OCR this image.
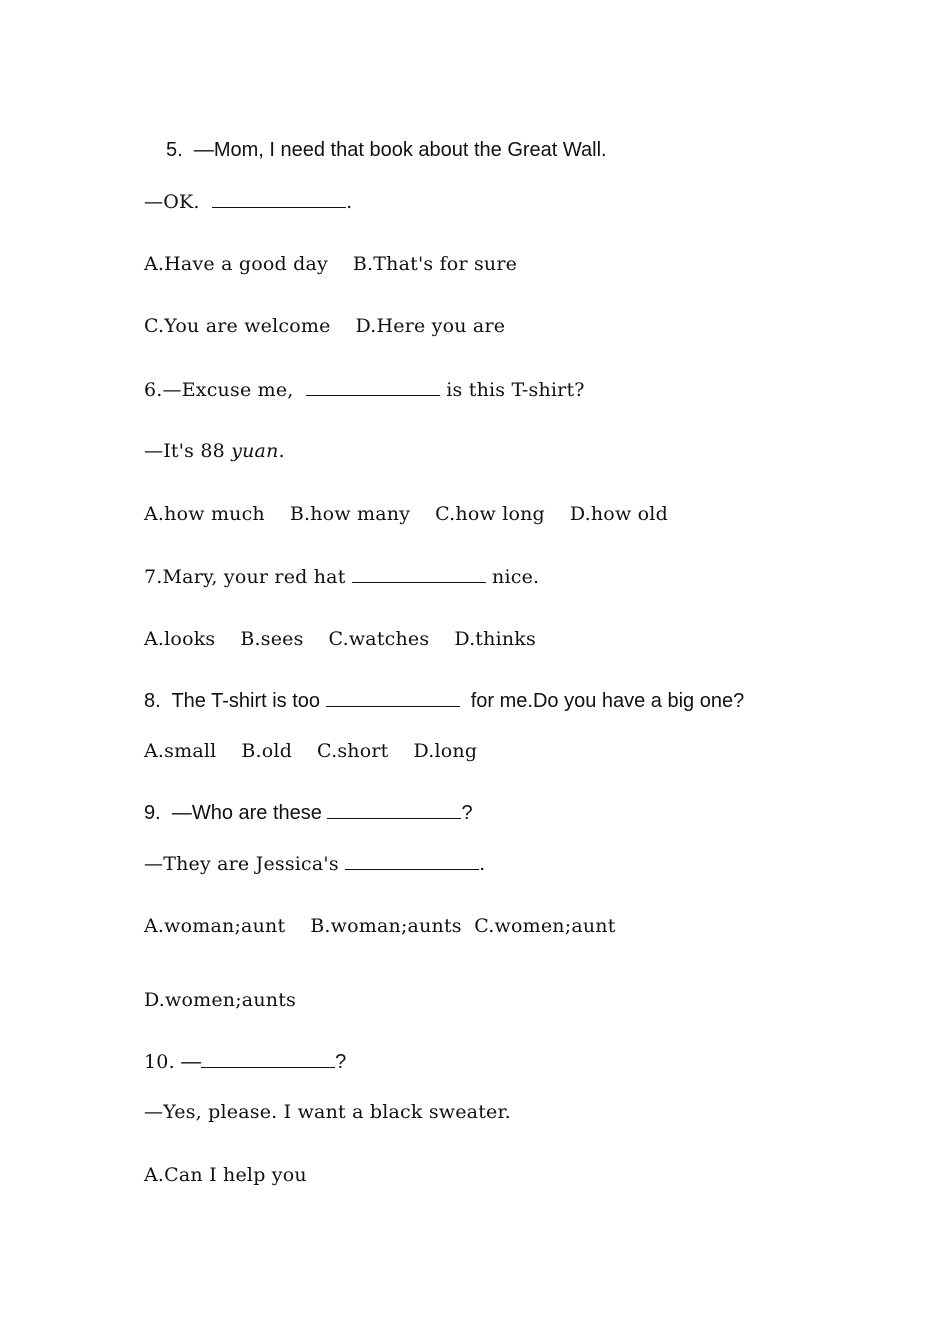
5. —Mom, I need that book about the Great Wall.
—OK.	.
A.Have a good day B.That's for sure
C.You are welcome D.Here you are
6.—Excuse me,	is this T-shirt?
—It's 88 yuan.
A.how much B.how many C.how long D.how old
7.Mary, your red hat	nice.
A.looks B.sees C.watches D.thinks
8. The T-shirt is too	for me.Do you have a big one?
A.small B.old C.short D.long
9. —Who are these	?
—They are Jessica's	.
A.woman;aunt B.woman;aunts C.women;aunt
D.women;aunts
10. —	?
—Yes, please. I want a black sweater.
A.Can I help you
